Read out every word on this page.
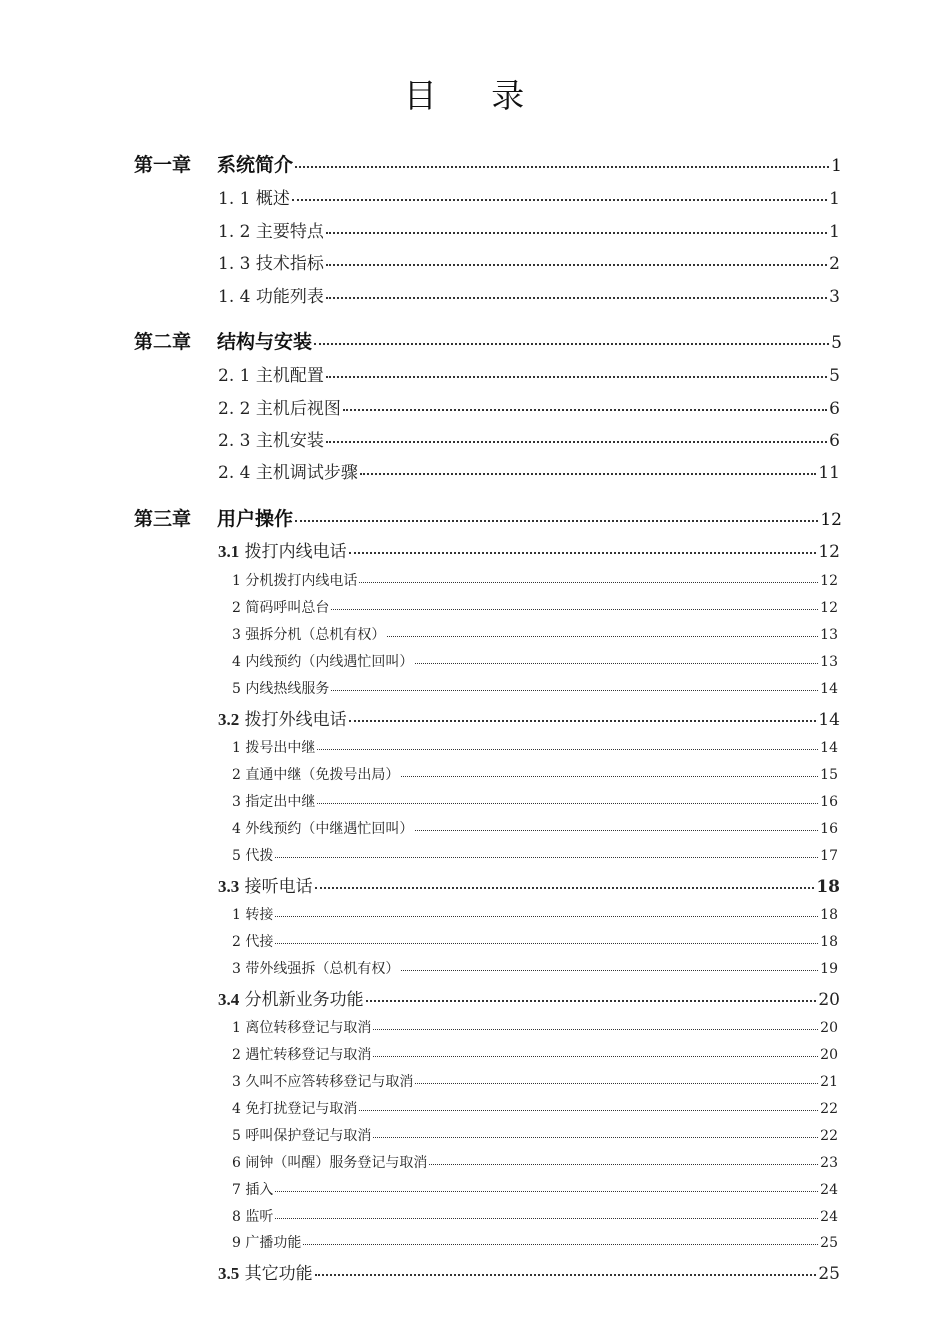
目 录
第一章 系统简介	1
1. 1 概述	1
1. 2 主要特点	1
1. 3 技术指标	2
1. 4 功能列表	3
第二章 结构与安装	5
2. 1 主机配置	5
2. 2 主机后视图	6
2. 3 主机安装	6
2. 4 主机调试步骤	11
第三章 用户操作	12
3.1 拨打内线电话	12
1 分机拨打内线电话	12
2 简码呼叫总台	12
3 强拆分机（总机有权）	13
4 内线预约（内线遇忙回叫）	13
5 内线热线服务	14
3.2 拨打外线电话	14
1 拨号出中继	14
2 直通中继（免拨号出局）	15
3 指定出中继	16
4 外线预约（中继遇忙回叫）	16
5 代拨	17
3.3 接听电话	18
1 转接	18
2 代接	18
3 带外线强拆（总机有权）	19
3.4 分机新业务功能	20
1 离位转移登记与取消	20
2 遇忙转移登记与取消	20
3 久叫不应答转移登记与取消	21
4 免打扰登记与取消	22
5 呼叫保护登记与取消	22
6 闹钟（叫醒）服务登记与取消	23
7 插入	24
8 监听	24
9 广播功能	25
3.5 其它功能	25
